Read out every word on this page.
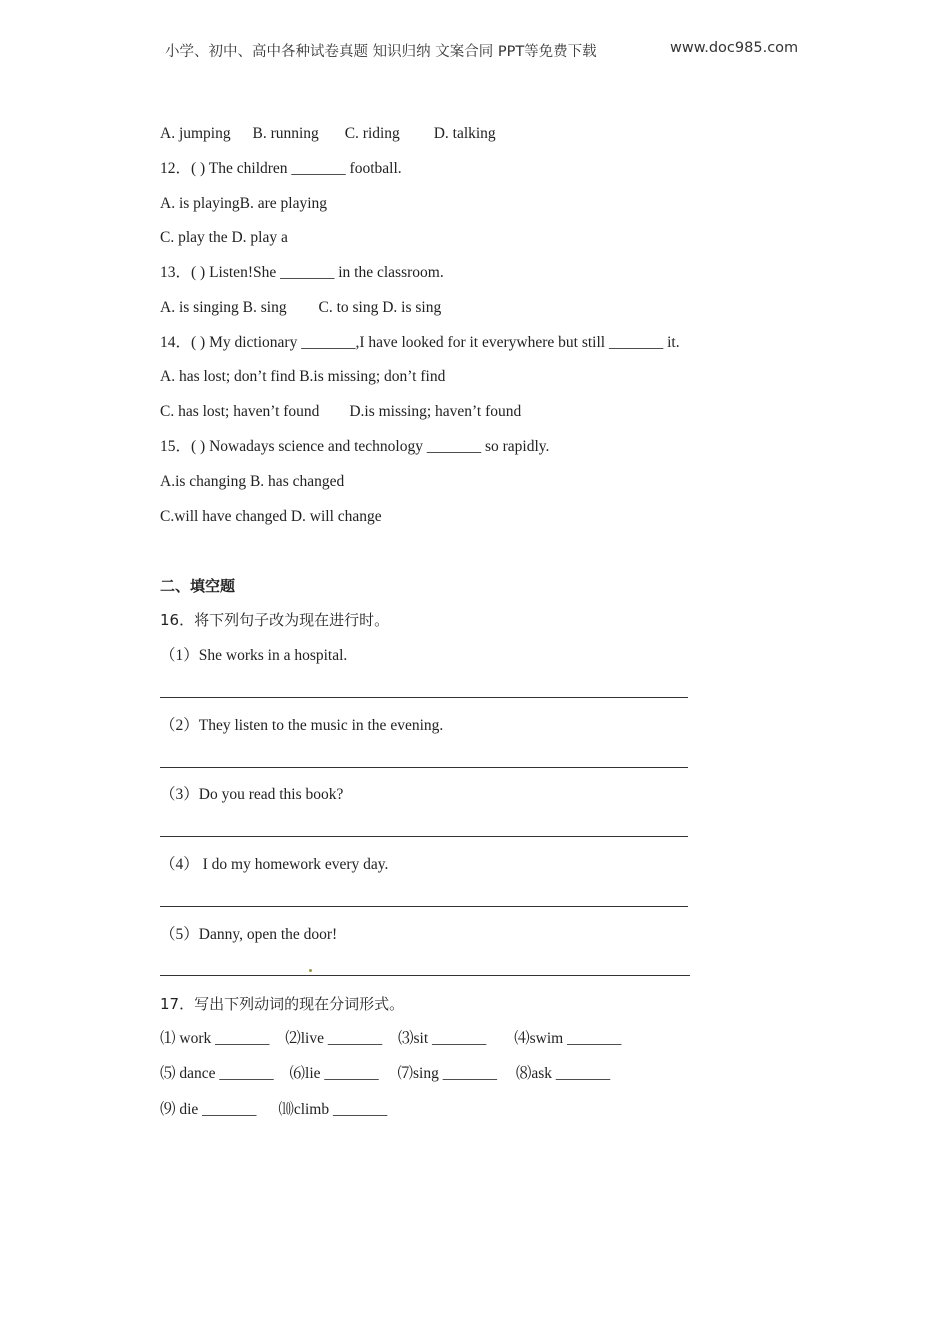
小学、初中、高中各种试卷真题 知识归纳 文案合同 PPT等免费下载	www.doc985.com
A. jumping B. running C. riding D. talking
12．( ) The children _______ football.
A. is playingB. are playing
C. play the D. play a
13．( ) Listen!She _______ in the classroom.
A. is singing B. sing C. to sing D. is sing
14．( ) My dictionary _______,I have looked for it everywhere but still _______ it.
A. has lost; don’t find B.is missing; don’t find
C. has lost; haven’t found D.is missing; haven’t found
15．( ) Nowadays science and technology _______ so rapidly.
A.is changing B. has changed
C.will have changed D. will change
二、填空题
16．将下列句子改为现在进行时。
（1）She works in a hospital.
（2）They listen to the music in the evening.
（3）Do you read this book?
（4） I do my homework every day.
（5）Danny, open the door!
17．写出下列动词的现在分词形式。
⑴ work _______ ⑵live _______ ⑶sit _______ ⑷swim _______
⑸ dance _______ ⑹lie _______ ⑺sing _______ ⑻ask _______
⑼ die _______ ⑽climb _______
